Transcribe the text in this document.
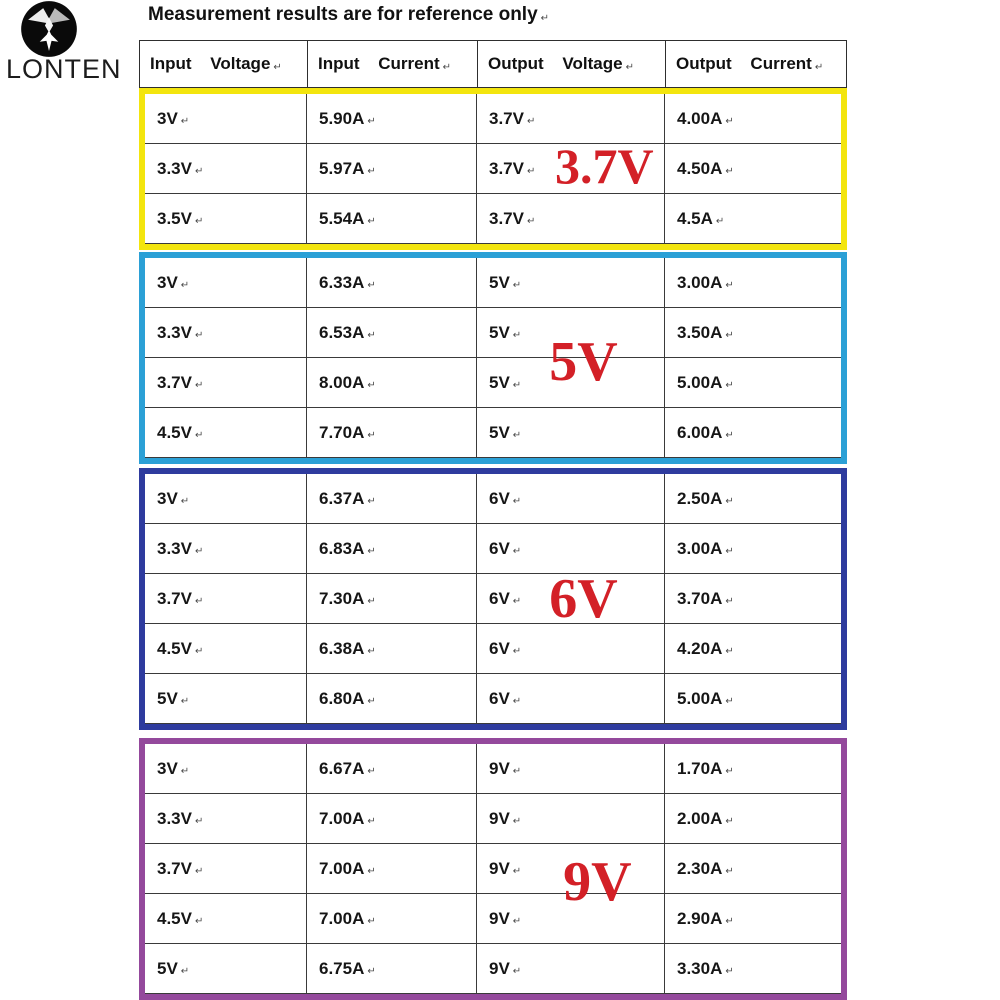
LONTEN
Measurement results are for reference only ↵
Input Voltage ↵ Input Current ↵ Output Voltage ↵ Output Current ↵
3V ↵	5.90A ↵	3.7V ↵	4.00A ↵
3.3V ↵	5.97A ↵	3.7V ↵	4.50A ↵
3.5V ↵	5.54A ↵	3.7V ↵	4.5A ↵
3.7V
3V ↵	6.33A ↵	5V ↵	3.00A ↵
3.3V ↵	6.53A ↵	5V ↵	3.50A ↵
3.7V ↵	8.00A ↵	5V ↵	5.00A ↵
4.5V ↵	7.70A ↵	5V ↵	6.00A ↵
5V
3V ↵	6.37A ↵	6V ↵	2.50A ↵
3.3V ↵	6.83A ↵	6V ↵	3.00A ↵
3.7V ↵	7.30A ↵	6V ↵	3.70A ↵
4.5V ↵	6.38A ↵	6V ↵	4.20A ↵
5V ↵	6.80A ↵	6V ↵	5.00A ↵
6V
3V ↵	6.67A ↵	9V ↵	1.70A ↵
3.3V ↵	7.00A ↵	9V ↵	2.00A ↵
3.7V ↵	7.00A ↵	9V ↵	2.30A ↵
4.5V ↵	7.00A ↵	9V ↵	2.90A ↵
5V ↵	6.75A ↵	9V ↵	3.30A ↵
9V
